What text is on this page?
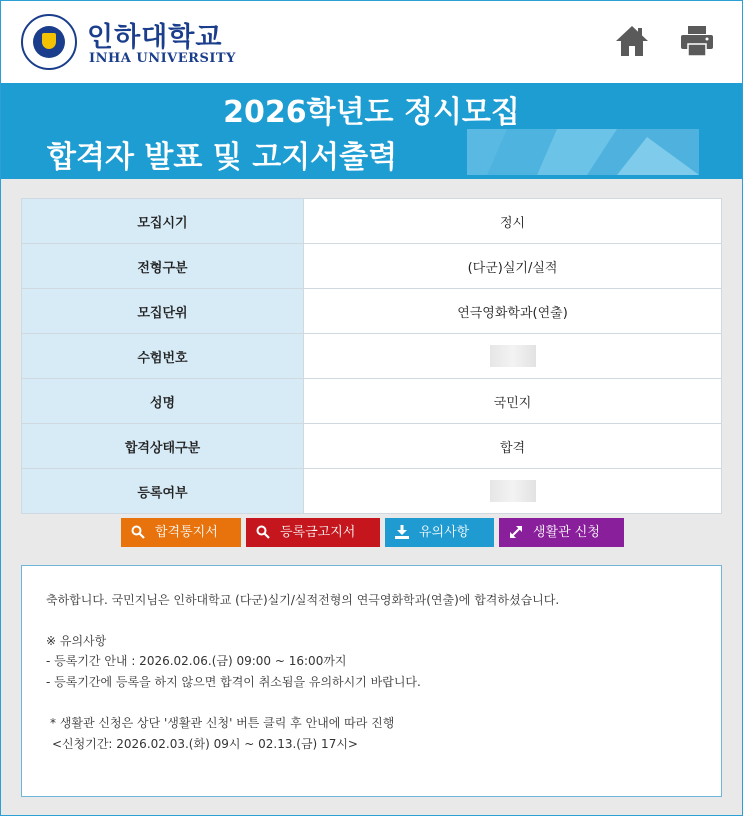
인하대학교
INHA UNIVERSITY
2026학년도 정시모집
합격자 발표 및 고지서출력
모집시기	정시
전형구분	(다군)실기/실적
모집단위	연극영화학과(연출)
수험번호	
성명	국민지
합격상태구분	합격
등록여부	
합격통지서	등록금고지서	유의사항	생활관 신청

축하합니다. 국민지님은 인하대학교 (다군)실기/실적전형의 연극영화학과(연출)에 합격하셨습니다.

※ 유의사항

- 등록기간 안내 : 2026.02.06.(금) 09:00 ~ 16:00까지

- 등록기간에 등록을 하지 않으면 합격이 취소됨을 유의하시기 바랍니다.

* 생활관 신청은 상단 '생활관 신청' 버튼 클릭 후 안내에 따라 진행

<신청기간: 2026.02.03.(화) 09시 ~ 02.13.(금) 17시>
